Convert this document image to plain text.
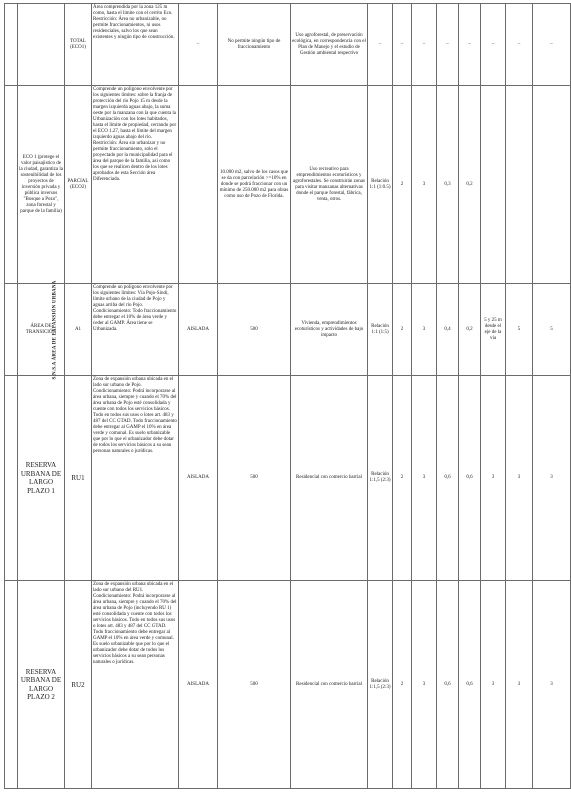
		TOTAL (ECO1)	Área comprendida por la zona 125 m como, hasta el limite con el cerrito Eco. Restricción: Área no urbanizable, no permite fraccionamientos, ni usos residenciales, salvo los que sean existentes y ningún tipo de construcción.	–	No permite ningún tipo de fraccionamiento	Uso agroforestal, de preservación ecológica, en correspondencia con el Plan de Manejo y el estudio de Gestión ambiental respectivo	–	–	–	–	–	–	–	–
	ECO 1 (protege el valor paisajístico de la ciudad, garantiza la sostenibilidad de los proyectos de inversión privada y pública inversos "Bosque a Pozo", zona forestal y parque de la familia)	PARCIAL (ECO2)	Comprende un polígono envolvente por los siguientes limites: sobre la franja de protección del río Pojo 15 m desde la margen izquierda aguas abajo, la suma oeste por la manzana con la que cuenta la Urbanización con los lotes habitados, hasta el límite de propiedad, cerrando por el ECO 1.27, hasta el límite del margen izquierdo aguas abajo del río. Restricción: Área sin urbanizar y no permite fraccionamiento, solo el proyectado por la municipalidad para el área del parque de la familia, así como los que se realicen dentro de los lotes aprobados de esta Sección área Diferenciada.		10.000 m2, salvo de los casos que se da con parcelación >=10% en donde se podrá fraccionar con un mínimo de 250.000 m2 para obras como uso de Pozo de Florida.	Uso recreativo para emprendimientos ecoturísticos y agroforestales. Se construirán zonas para visitar manzanas alternativas donde el parque forestal, fábrica, venta, otros.	Relación 1:1 (1:0.5)	2	3	0,3	0,2			
S.N.S.A ÁREA DE EXPANSIÓN URBANA	ÁREA DE TRANSICIÓN	A1	Comprende un polígono envolvente por los siguientes limites: Vía Pojo-Sindi, límite urbano de la ciudad de Pojo y aguas arriba del río Pojo. Condicionamiento: Todo fraccionamiento debe entregar el 10% de área verde y ceder al GAMP. Área tiene se Urbanizada.	AISLADA	500	Vivienda, emprendimientos ecoturísticos y actividades de bajo impacto	Relación 1:1 (1:5)	2	3	0,4	0,2	5 y 25 m desde el eje de la vía	5	5
	RESERVA URBANA DE LARGO PLAZO 1	RU1	Zona de expansión urbana ubicada en el lado sur urbano de Pojo. Condicionamiento: Podrá incorporarse al área urbana, siempre y cuando el 70% del área urbana de Pojo esté consolidada y cuente con todos los servicios básicos. Todo en todos sus usos o lotes art. 483 y 487 del CC GTAD. Todo fraccionamiento debe entregar al GAMP el 10% en área verde y comunal. Es suelo urbanizable que por lo que el urbanizador debe dotar de todos los servicios básicos a su sean personas naturales o jurídicas.	AISLADA	500	Residencial con comercio barrial	Relación 1:1,5 (2:3)	2	3	0,6	0,6	3	3	3
	RESERVA URBANA DE LARGO PLAZO 2	RU2	Zona de expansión urbana ubicada en el lado sur urbano del RU1. Condicionamiento: Podrá incorporarse al área urbana, siempre y cuando el 70% del área urbana de Pojo (incluyendo RU 1) esté consolidada y cuente con todos los servicios básicos. Todo en todos sus usos o lotes art. 483 y 487 del CC GTAD. Todo fraccionamiento debe entregar al GAMP el 10% en área verde y comunal. Es suelo urbanizable que por lo que el urbanizador debe dotar de todos los servicios básicos a su sean personas naturales o jurídicas.	AISLADA	500	Residencial con comercio barrial	Relación 1:1,5 (2:3)	2	3	0,6	0,6	3	3	3
